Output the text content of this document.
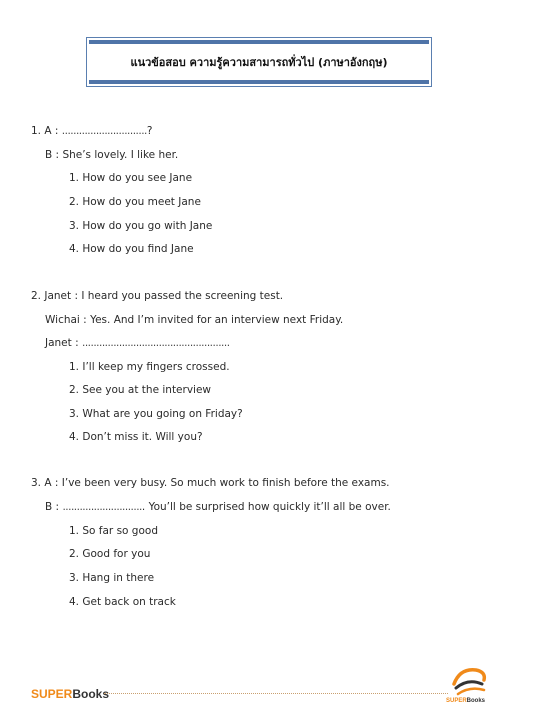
แนวข้อสอบ ความรู้ความสามารถทั่วไป (ภาษาอังกฤษ)
1. A : ..............................?
B : She’s lovely. I like her.
1. How do you see Jane
2. How do you meet Jane
3. How do you go with Jane
4. How do you find Jane
2. Janet : I heard you passed the screening test.
Wichai : Yes. And I’m invited for an interview next Friday.
Janet : ....................................................
1. I’ll keep my fingers crossed.
2. See you at the interview
3. What are you going on Friday?
4. Don’t miss it. Will you?
3. A : I’ve been very busy. So much work to finish before the exams.
B : ............................. You’ll be surprised how quickly it’ll all be over.
1. So far so good
2. Good for you
3. Hang in there
4. Get back on track
SUPERBooks	SUPERBooks
